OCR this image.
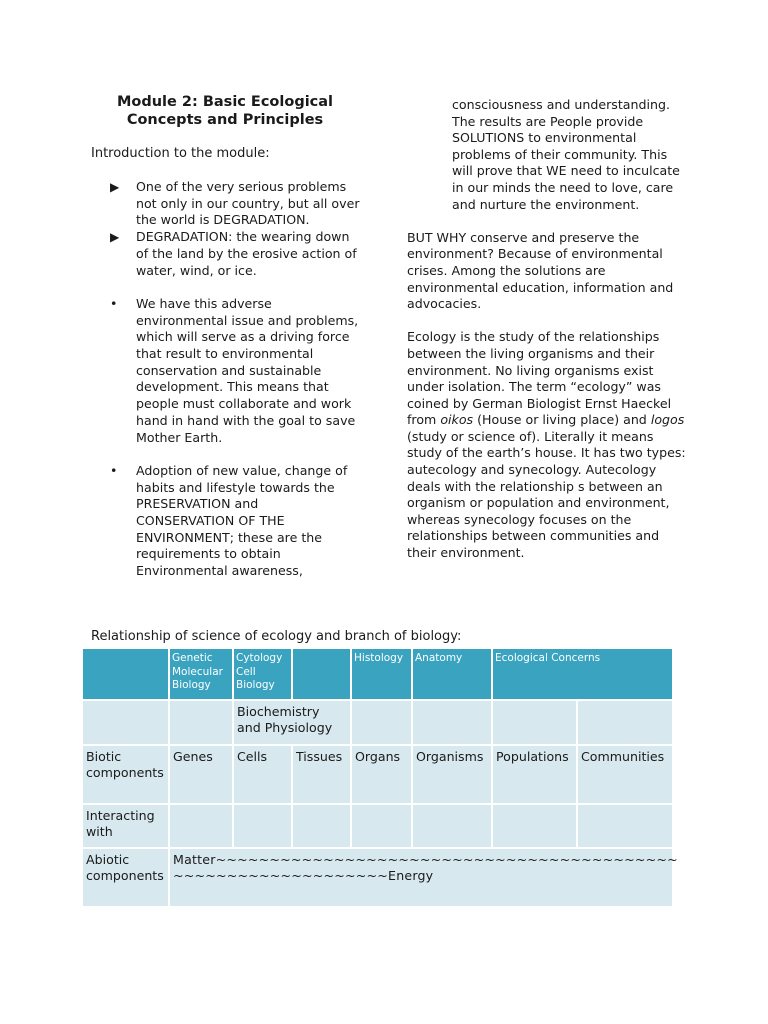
Module 2: Basic Ecological
Concepts and Principles
Introduction to the module:
▶	One of the very serious problems not only in our country, but all over the world is DEGRADATION.
▶	DEGRADATION: the wearing down of the land by the erosive action of water, wind, or ice.
•	We have this adverse environmental issue and problems, which will serve as a driving force that result to environmental conservation and sustainable development. This means that people must collaborate and work hand in hand with the goal to save Mother Earth.
•	Adoption of new value, change of habits and lifestyle towards the PRESERVATION and CONSERVATION OF THE ENVIRONMENT; these are the requirements to obtain Environmental awareness,

consciousness and understanding. The results are People provide SOLUTIONS to environmental problems of their community. This will prove that WE need to inculcate in our minds the need to love, care and nurture the environment.

BUT WHY conserve and preserve the environment? Because of environmental crises. Among the solutions are environmental education, information and advocacies.

Ecology is the study of the relationships between the living organisms and their environment. No living organisms exist under isolation. The term “ecology” was coined by German Biologist Ernst Haeckel from oikos (House or living place) and logos (study or science of). Literally it means study of the earth’s house. It has two types: autecology and synecology. Autecology deals with the relationship s between an organism or population and environment, whereas synecology focuses on the relationships between communities and their environment.

Relationship of science of ecology and branch of biology:
	Genetic Molecular Biology	Cytology Cell Biology		Histology	Anatomy	Ecological Concerns	
		Biochemistry and Physiology					
Biotic components	Genes	Cells	Tissues	Organs	Organisms	Populations	Communities
Interacting with							
Abiotic components	Matter~~~~~~~~~~~~~~~~~~~~~~~~~~~~~~~~~~~~~~~~~~~
~~~~~~~~~~~~~~~~~~~~Energy						
